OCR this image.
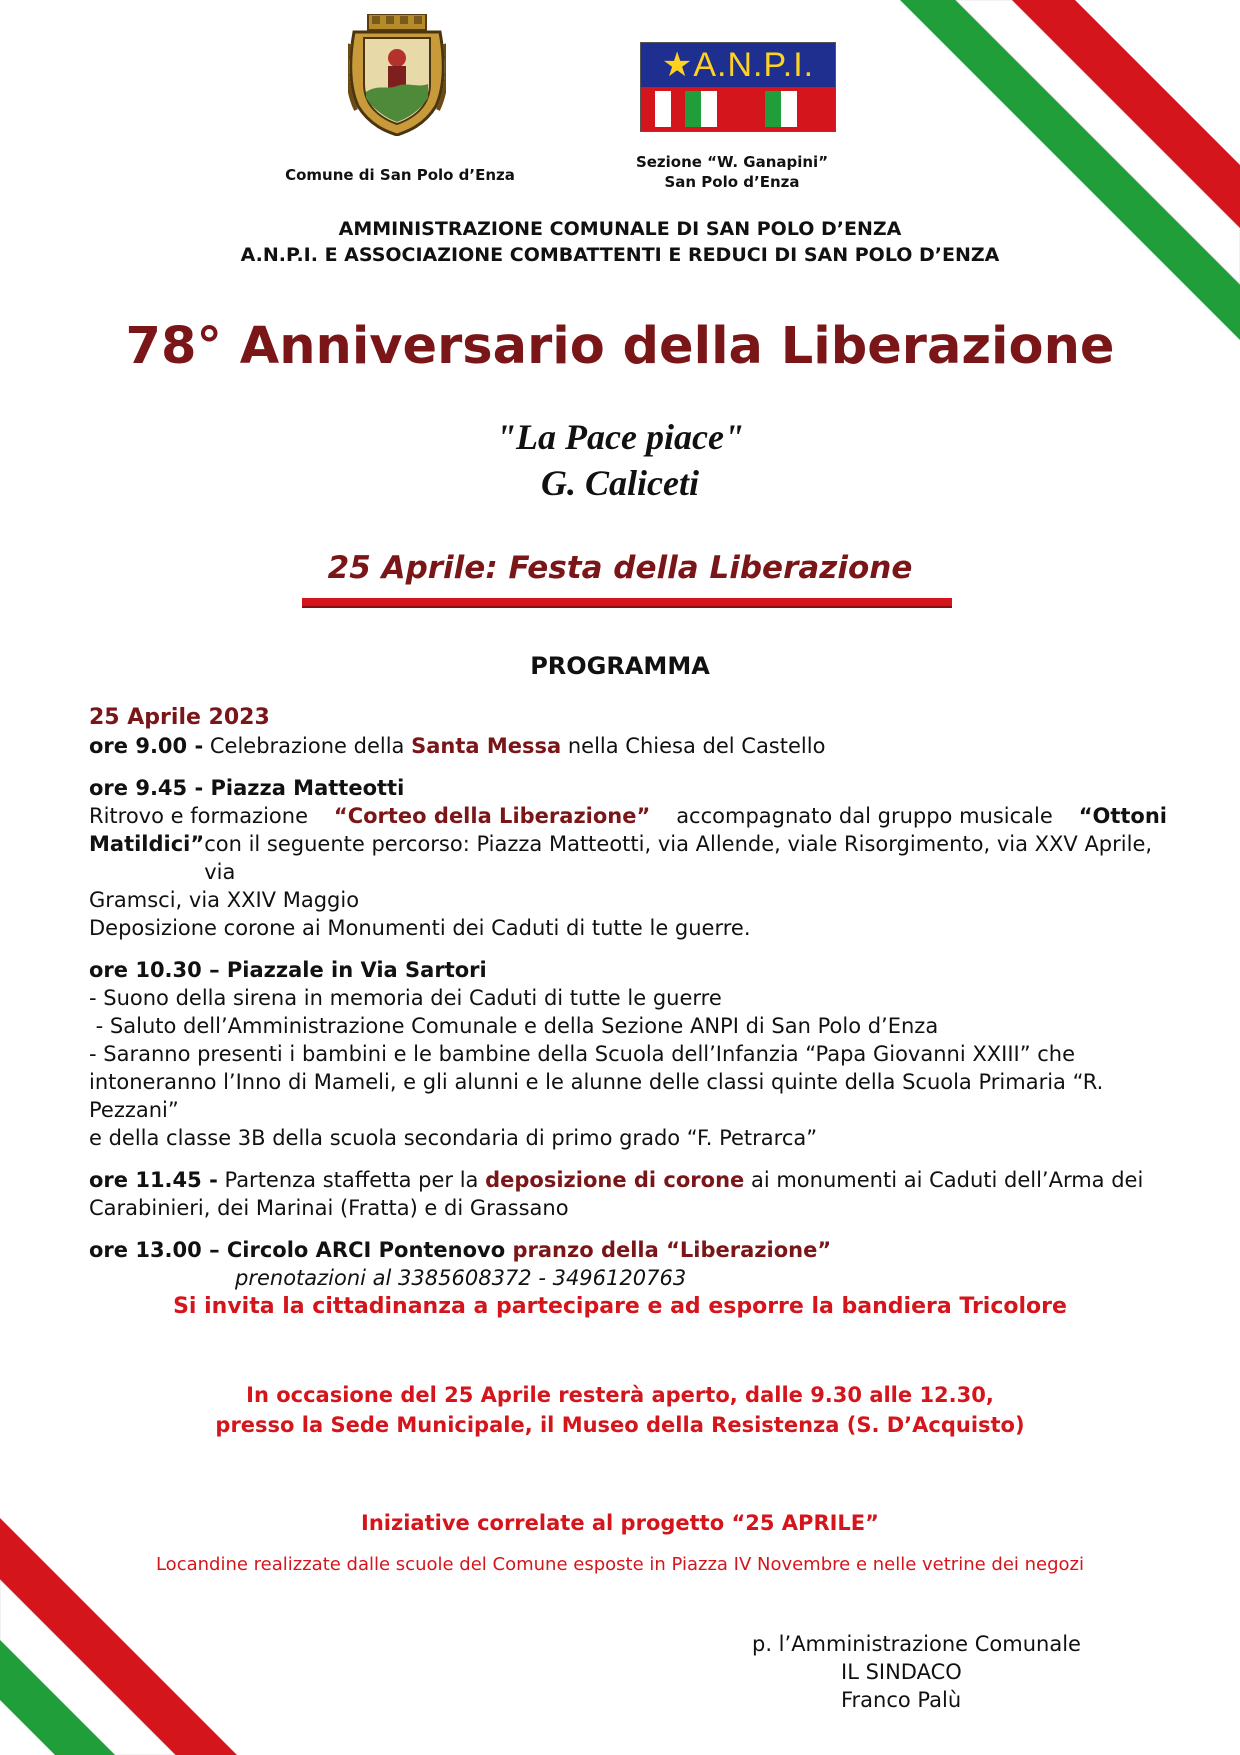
Comune di San Polo d’Enza
★A.N.P.I.
Sezione “W. Ganapini”
San Polo d’Enza
AMMINISTRAZIONE COMUNALE DI SAN POLO D’ENZA
A.N.P.I. E ASSOCIAZIONE COMBATTENTI E REDUCI DI SAN POLO D’ENZA
78° Anniversario della Liberazione
"La Pace piace"
G. Caliceti
25 Aprile: Festa della Liberazione
PROGRAMMA

25 Aprile 2023

ore 9.00 - Celebrazione della Santa Messa nella Chiesa del Castello

ore 9.45 - Piazza Matteotti

Ritrovo e formazione “Corteo della Liberazione” accompagnato dal gruppo musicale “Ottoni

Matildici” con il seguente percorso: Piazza Matteotti, via Allende, viale Risorgimento, via XXV Aprile, via

Gramsci, via XXIV Maggio

Deposizione corone ai Monumenti dei Caduti di tutte le guerre.

ore 10.30 – Piazzale in Via Sartori

- Suono della sirena in memoria dei Caduti di tutte le guerre

- Saluto dell’Amministrazione Comunale e della Sezione ANPI di San Polo d’Enza

- Saranno presenti i bambini e le bambine della Scuola dell’Infanzia “Papa Giovanni XXIII” che

intoneranno l’Inno di Mameli, e gli alunni e le alunne delle classi quinte della Scuola Primaria “R. Pezzani”

e della classe 3B della scuola secondaria di primo grado “F. Petrarca”

ore 11.45 - Partenza staffetta per la deposizione di corone ai monumenti ai Caduti dell’Arma dei

Carabinieri, dei Marinai (Fratta) e di Grassano

ore 13.00 – Circolo ARCI Pontenovo pranzo della “Liberazione”

prenotazioni al 3385608372 - 3496120763

Si invita la cittadinanza a partecipare e ad esporre la bandiera Tricolore
In occasione del 25 Aprile resterà aperto, dalle 9.30 alle 12.30,
presso la Sede Municipale, il Museo della Resistenza (S. D’Acquisto)
Iniziative correlate al progetto “25 APRILE”
Locandine realizzate dalle scuole del Comune esposte in Piazza IV Novembre e nelle vetrine dei negozi
p. l’Amministrazione Comunale
IL SINDACO
Franco Palù
